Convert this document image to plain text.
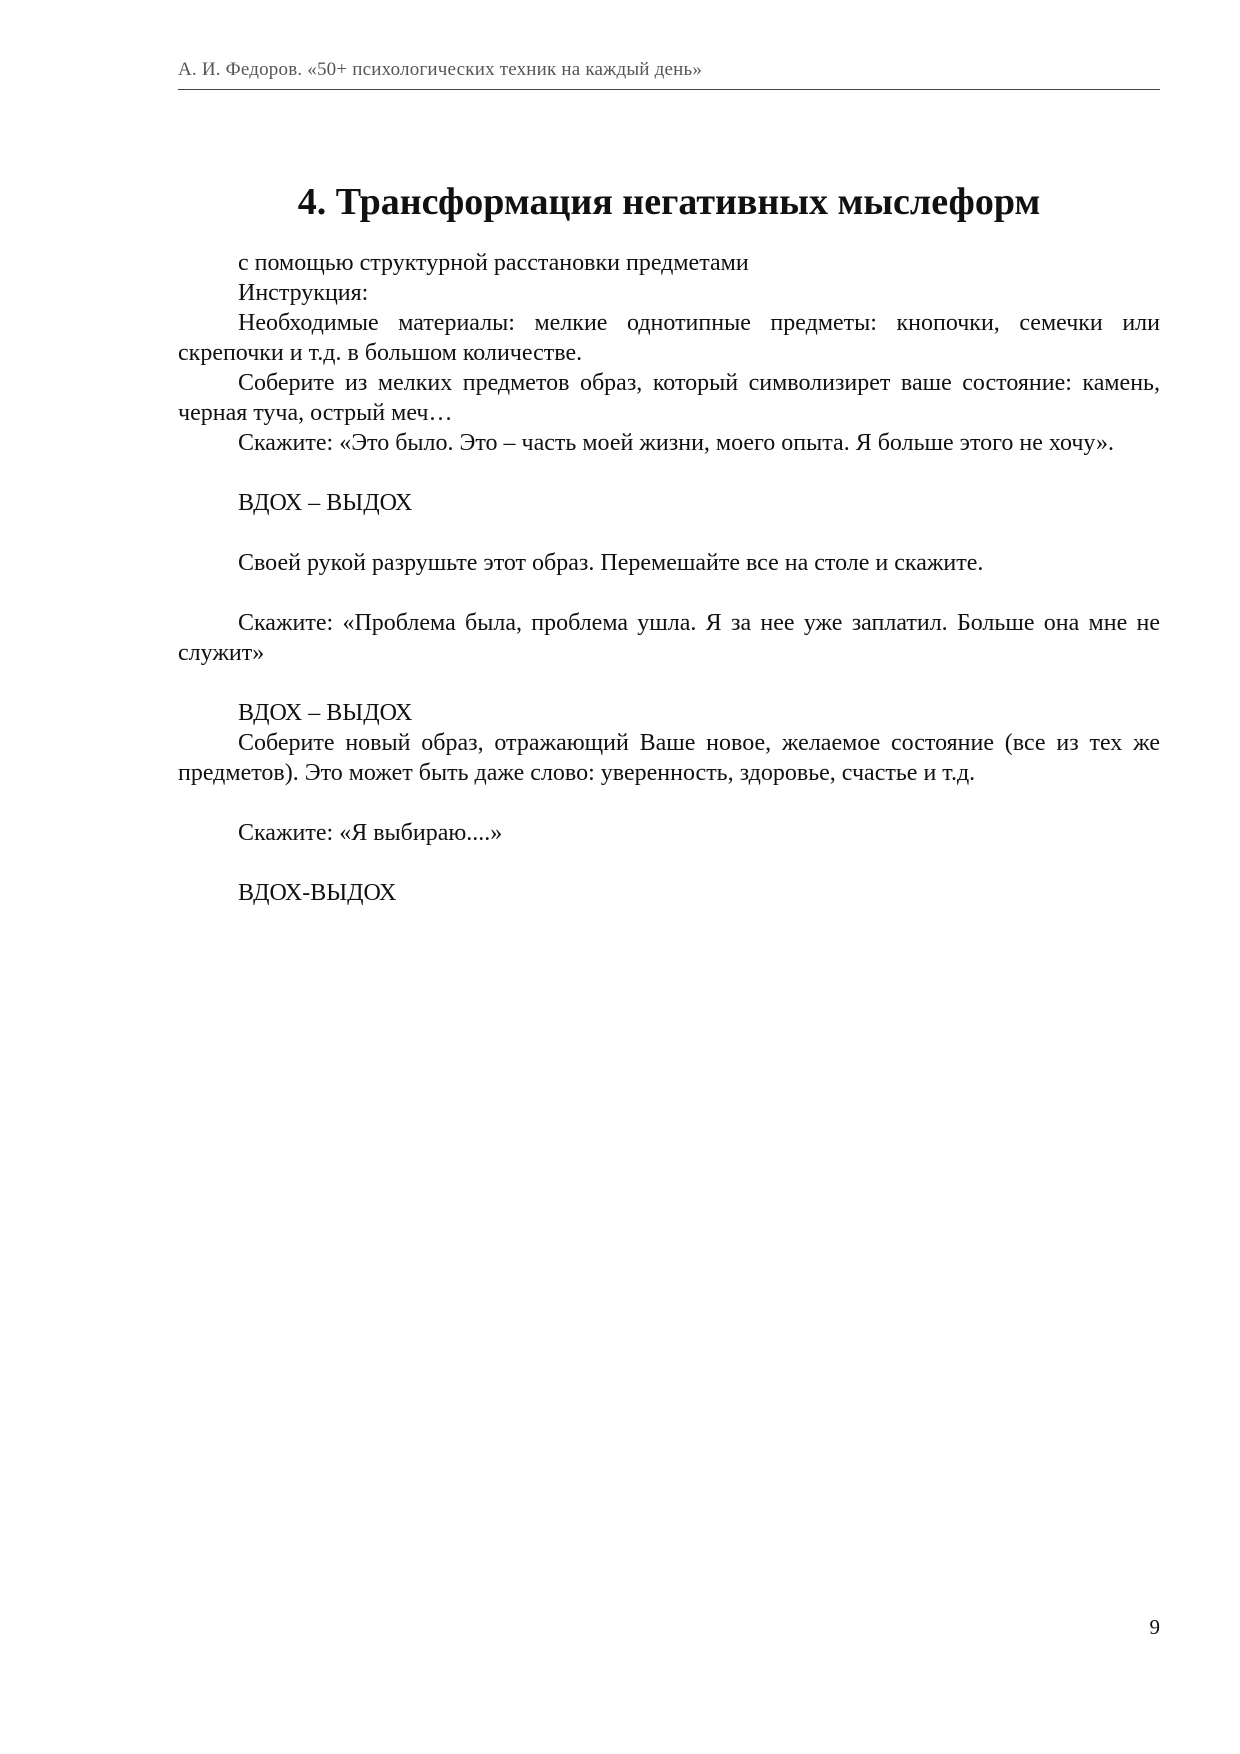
А. И. Федоров. «50+ психологических техник на каждый день»
4. Трансформация негативных мыслеформ

с помощью структурной расстановки предметами

Инструкция:

Необходимые материалы: мелкие однотипные предметы: кнопочки, семечки или скрепочки и т.д. в большом количестве.

Соберите из мелких предметов образ, который символизирет ваше состояние: камень, черная туча, острый меч…

Скажите: «Это было. Это – часть моей жизни, моего опыта. Я больше этого не хочу».

ВДОХ – ВЫДОХ

Своей рукой разрушьте этот образ. Перемешайте все на столе и скажите.

Скажите: «Проблема была, проблема ушла. Я за нее уже заплатил. Больше она мне не служит»

ВДОХ – ВЫДОХ

Соберите новый образ, отражающий Ваше новое, желаемое состояние (все из тех же предметов). Это может быть даже слово: уверенность, здоровье, счастье и т.д.

Скажите: «Я выбираю....»

ВДОХ-ВЫДОХ

9
